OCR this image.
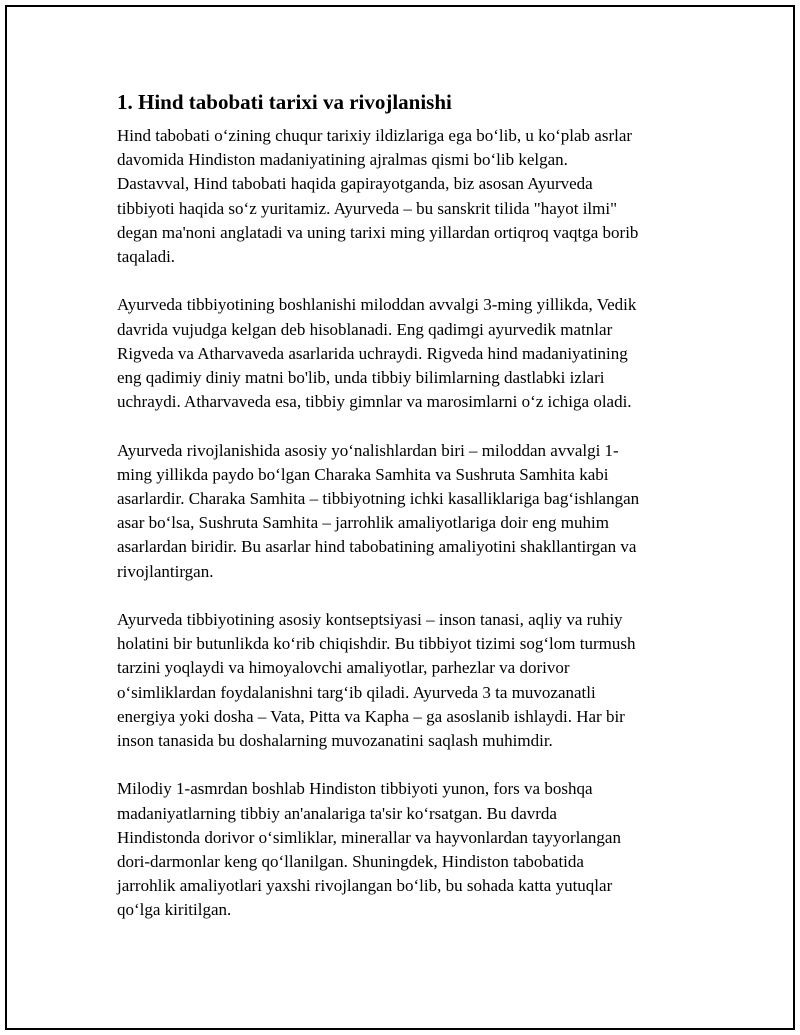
1. Hind tabobati tarixi va rivojlanishi
Hind tabobati o‘zining chuqur tarixiy ildizlariga ega bo‘lib, u ko‘plab asrlar
davomida Hindiston madaniyatining ajralmas qismi bo‘lib kelgan.
Dastavval, Hind tabobati haqida gapirayotganda, biz asosan Ayurveda
tibbiyoti haqida so‘z yuritamiz. Ayurveda – bu sanskrit tilida "hayot ilmi"
degan ma'noni anglatadi va uning tarixi ming yillardan ortiqroq vaqtga borib
taqaladi.
Ayurveda tibbiyotining boshlanishi miloddan avvalgi 3-ming yillikda, Vedik
davrida vujudga kelgan deb hisoblanadi. Eng qadimgi ayurvedik matnlar
Rigveda va Atharvaveda asarlarida uchraydi. Rigveda hind madaniyatining
eng qadimiy diniy matni bo'lib, unda tibbiy bilimlarning dastlabki izlari
uchraydi. Atharvaveda esa, tibbiy gimnlar va marosimlarni o‘z ichiga oladi.
Ayurveda rivojlanishida asosiy yo‘nalishlardan biri – miloddan avvalgi 1-
ming yillikda paydo bo‘lgan Charaka Samhita va Sushruta Samhita kabi
asarlardir. Charaka Samhita – tibbiyotning ichki kasalliklariga bag‘ishlangan
asar bo‘lsa, Sushruta Samhita – jarrohlik amaliyotlariga doir eng muhim
asarlardan biridir. Bu asarlar hind tabobatining amaliyotini shakllantirgan va
rivojlantirgan.
Ayurveda tibbiyotining asosiy kontseptsiyasi – inson tanasi, aqliy va ruhiy
holatini bir butunlikda ko‘rib chiqishdir. Bu tibbiyot tizimi sog‘lom turmush
tarzini yoqlaydi va himoyalovchi amaliyotlar, parhezlar va dorivor
o‘simliklardan foydalanishni targ‘ib qiladi. Ayurveda 3 ta muvozanatli
energiya yoki dosha – Vata, Pitta va Kapha – ga asoslanib ishlaydi. Har bir
inson tanasida bu doshalarning muvozanatini saqlash muhimdir.
Milodiy 1-asmrdan boshlab Hindiston tibbiyoti yunon, fors va boshqa
madaniyatlarning tibbiy an'analariga ta'sir ko‘rsatgan. Bu davrda
Hindistonda dorivor o‘simliklar, minerallar va hayvonlardan tayyorlangan
dori-darmonlar keng qo‘llanilgan. Shuningdek, Hindiston tabobatida
jarrohlik amaliyotlari yaxshi rivojlangan bo‘lib, bu sohada katta yutuqlar
qo‘lga kiritilgan.
